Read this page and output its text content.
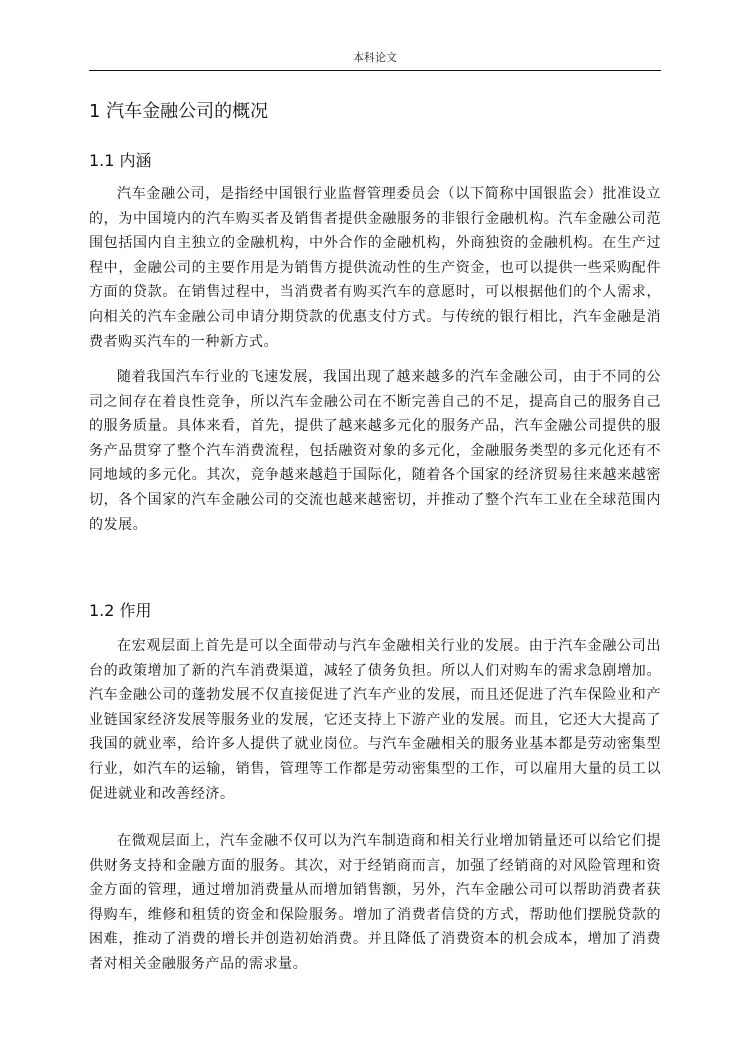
本科论文
1 汽车金融公司的概况
1.1 内涵

汽车金融公司，是指经中国银行业监督管理委员会（以下简称中国银监会）批准设立的，为中国境内的汽车购买者及销售者提供金融服务的非银行金融机构。汽车金融公司范围包括国内自主独立的金融机构，中外合作的金融机构，外商独资的金融机构。在生产过程中，金融公司的主要作用是为销售方提供流动性的生产资金，也可以提供一些采购配件方面的贷款。在销售过程中，当消费者有购买汽车的意愿时，可以根据他们的个人需求，向相关的汽车金融公司申请分期贷款的优惠支付方式。与传统的银行相比，汽车金融是消费者购买汽车的一种新方式。

随着我国汽车行业的飞速发展，我国出现了越来越多的汽车金融公司，由于不同的公司之间存在着良性竞争，所以汽车金融公司在不断完善自己的不足，提高自己的服务自己的服务质量。具体来看，首先，提供了越来越多元化的服务产品，汽车金融公司提供的服务产品贯穿了整个汽车消费流程，包括融资对象的多元化，金融服务类型的多元化还有不同地域的多元化。其次，竞争越来越趋于国际化，随着各个国家的经济贸易往来越来越密切，各个国家的汽车金融公司的交流也越来越密切，并推动了整个汽车工业在全球范围内的发展。

1.2 作用

在宏观层面上首先是可以全面带动与汽车金融相关行业的发展。由于汽车金融公司出台的政策增加了新的汽车消费渠道，减轻了债务负担。所以人们对购车的需求急剧增加。汽车金融公司的蓬勃发展不仅直接促进了汽车产业的发展，而且还促进了汽车保险业和产业链国家经济发展等服务业的发展，它还支持上下游产业的发展。而且，它还大大提高了我国的就业率，给许多人提供了就业岗位。与汽车金融相关的服务业基本都是劳动密集型行业，如汽车的运输，销售，管理等工作都是劳动密集型的工作，可以雇用大量的员工以促进就业和改善经济。

在微观层面上，汽车金融不仅可以为汽车制造商和相关行业增加销量还可以给它们提供财务支持和金融方面的服务。其次，对于经销商而言，加强了经销商的对风险管理和资金方面的管理，通过增加消费量从而增加销售额，另外，汽车金融公司可以帮助消费者获得购车，维修和租赁的资金和保险服务。增加了消费者信贷的方式，帮助他们摆脱贷款的困难，推动了消费的增长并创造初始消费。并且降低了消费资本的机会成本，增加了消费者对相关金融服务产品的需求量。
